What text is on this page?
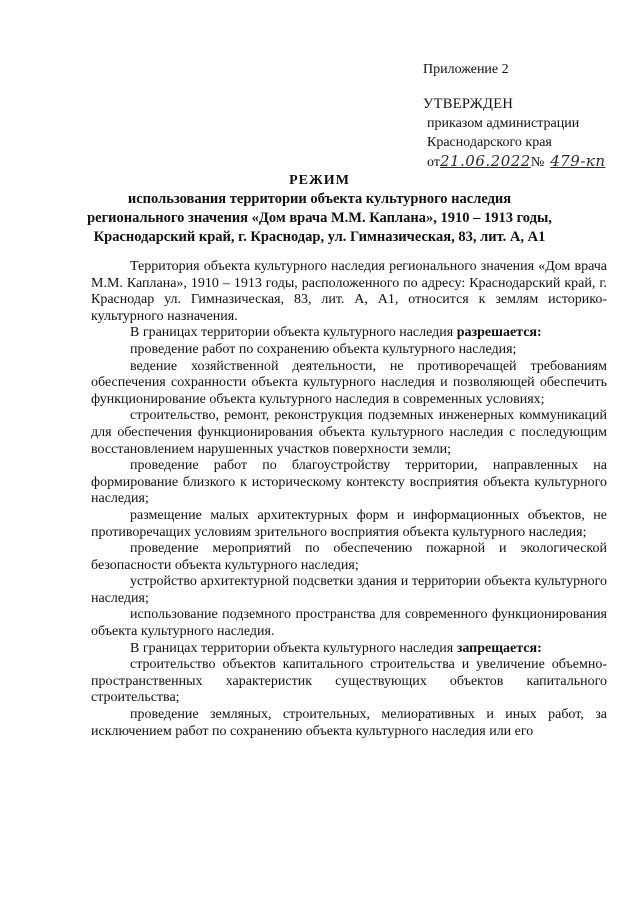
Приложение 2
УТВЕРЖДЕН
приказом администрации
Краснодарского края
от21.06.2022№ 479-кп
РЕЖИМ
использования территории объекта культурного наследия
регионального значения «Дом врача М.М. Каплана», 1910 – 1913 годы,
Краснодарский край, г. Краснодар, ул. Гимназическая, 83, лит. А, А1

Территория объекта культурного наследия регионального значения «Дом врача М.М. Каплана», 1910 – 1913 годы, расположенного по адресу: Краснодарский край, г. Краснодар ул. Гимназическая, 83, лит. А, А1, относится к землям историко-культурного назначения.

В границах территории объекта культурного наследия разрешается:

проведение работ по сохранению объекта культурного наследия;

ведение хозяйственной деятельности, не противоречащей требованиям обеспечения сохранности объекта культурного наследия и позволяющей обеспечить функционирование объекта культурного наследия в современных условиях;

строительство, ремонт, реконструкция подземных инженерных коммуникаций для обеспечения функционирования объекта культурного наследия с последующим восстановлением нарушенных участков поверхности земли;

проведение работ по благоустройству территории, направленных на формирование близкого к историческому контексту восприятия объекта культурного наследия;

размещение малых архитектурных форм и информационных объектов, не противоречащих условиям зрительного восприятия объекта культурного наследия;

проведение мероприятий по обеспечению пожарной и экологической безопасности объекта культурного наследия;

устройство архитектурной подсветки здания и территории объекта культурного наследия;

использование подземного пространства для современного функционирования объекта культурного наследия.

В границах территории объекта культурного наследия запрещается:

строительство объектов капитального строительства и увеличение объемно-пространственных характеристик существующих объектов капитального строительства;

проведение земляных, строительных, мелиоративных и иных работ, за исключением работ по сохранению объекта культурного наследия или его
